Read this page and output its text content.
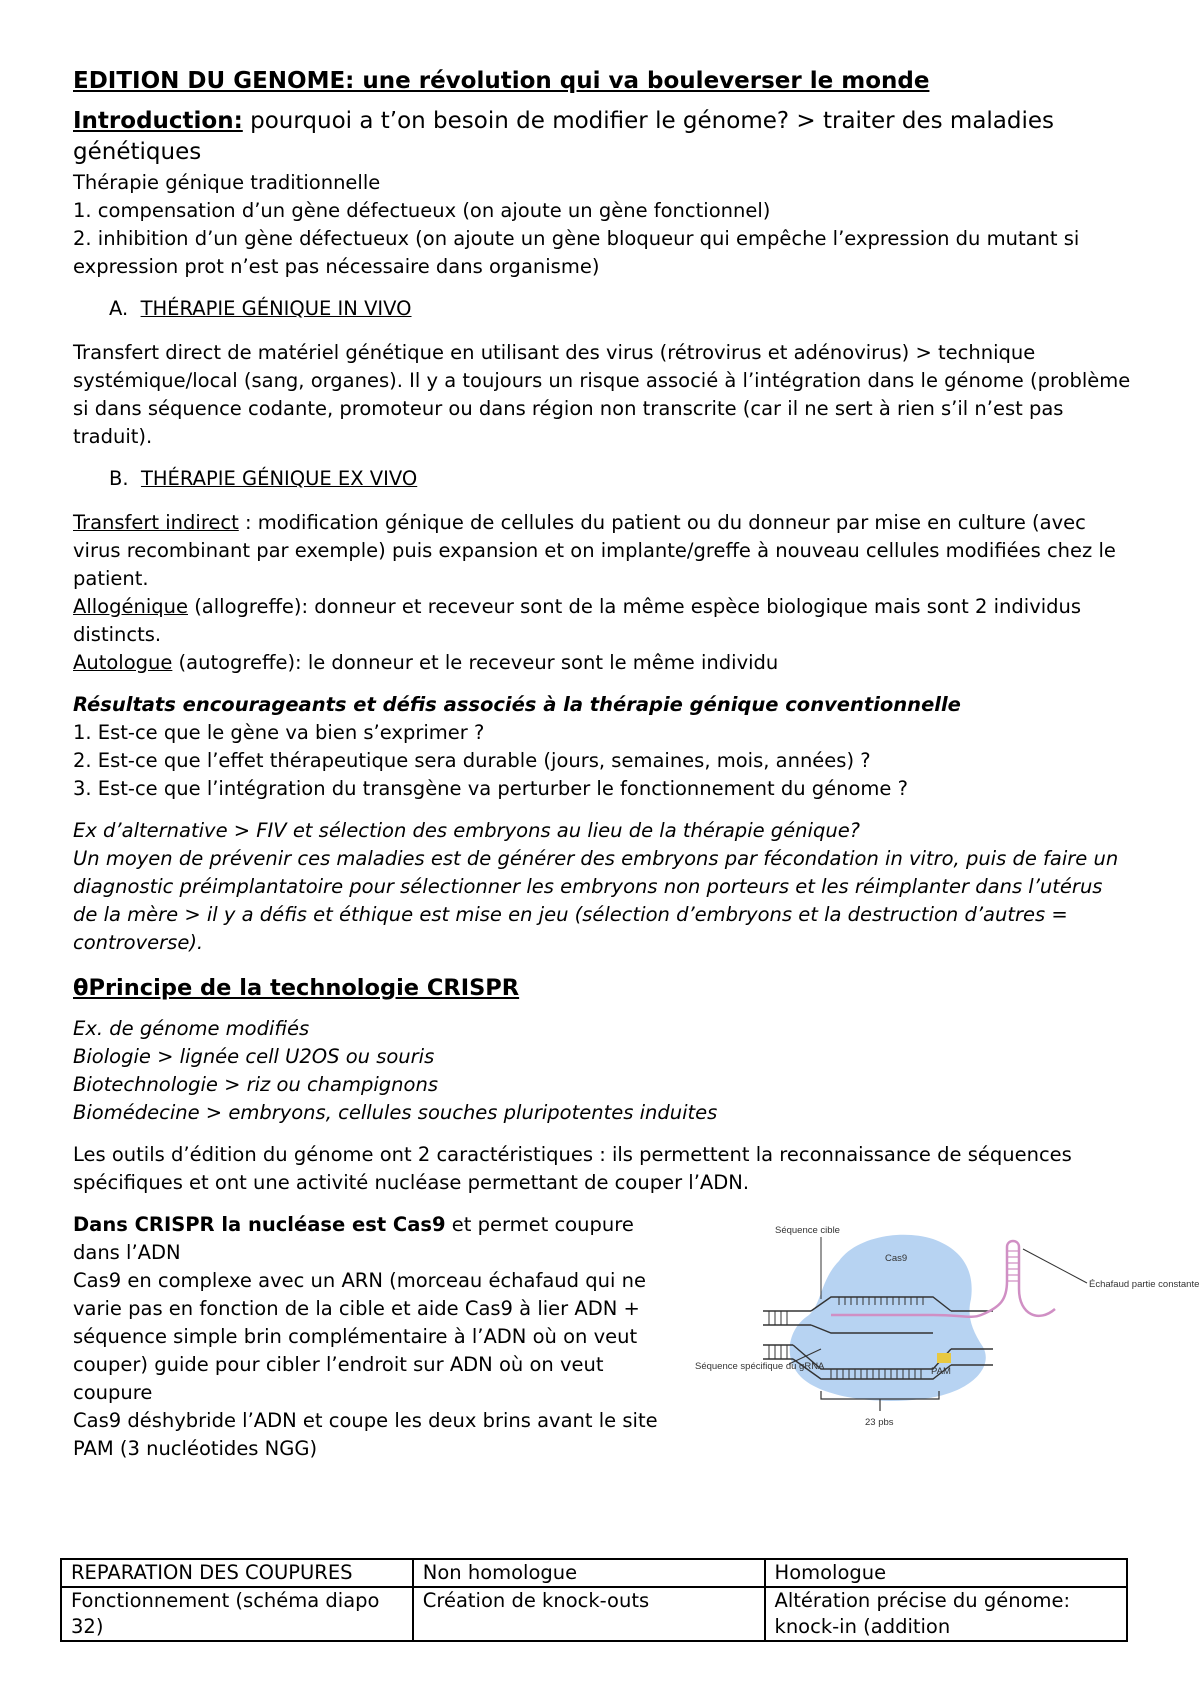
EDITION DU GENOME: une révolution qui va bouleverser le monde

Introduction: pourquoi a t’on besoin de modifier le génome? > traiter des maladies génétiques

Thérapie génique traditionnelle

1. compensation d’un gène défectueux (on ajoute un gène fonctionnel)

2. inhibition d’un gène défectueux (on ajoute un gène bloqueur qui empêche l’expression du mutant si expression prot n’est pas nécessaire dans organisme)

A. THÉRAPIE GÉNIQUE IN VIVO

Transfert direct de matériel génétique en utilisant des virus (rétrovirus et adénovirus) > technique systémique/local (sang, organes). Il y a toujours un risque associé à l’intégration dans le génome (problème si dans séquence codante, promoteur ou dans région non transcrite (car il ne sert à rien s’il n’est pas traduit).

B. THÉRAPIE GÉNIQUE EX VIVO

Transfert indirect : modification génique de cellules du patient ou du donneur par mise en culture (avec virus recombinant par exemple) puis expansion et on implante/greffe à nouveau cellules modifiées chez le patient.

Allogénique (allogreffe): donneur et receveur sont de la même espèce biologique mais sont 2 individus distincts.

Autologue (autogreffe): le donneur et le receveur sont le même individu

Résultats encourageants et défis associés à la thérapie génique conventionnelle

1. Est-ce que le gène va bien s’exprimer ?

2. Est-ce que l’effet thérapeutique sera durable (jours, semaines, mois, années) ?

3. Est-ce que l’intégration du transgène va perturber le fonctionnement du génome ?

Ex d’alternative > FIV et sélection des embryons au lieu de la thérapie génique?

Un moyen de prévenir ces maladies est de générer des embryons par fécondation in vitro, puis de faire un diagnostic préimplantatoire pour sélectionner les embryons non porteurs et les réimplanter dans l’utérus de la mère > il y a défis et éthique est mise en jeu (sélection d’embryons et la destruction d’autres = controverse).

θPrincipe de la technologie CRISPR

Ex. de génome modifiés

Biologie > lignée cell U2OS ou souris

Biotechnologie > riz ou champignons

Biomédecine > embryons, cellules souches pluripotentes induites

Les outils d’édition du génome ont 2 caractéristiques : ils permettent la reconnaissance de séquences spécifiques et ont une activité nucléase permettant de couper l’ADN.

Dans CRISPR la nucléase est Cas9 et permet coupure dans l’ADN

Cas9 en complexe avec un ARN (morceau échafaud qui ne varie pas en fonction de la cible et aide Cas9 à lier ADN + séquence simple brin complémentaire à l’ADN où on veut couper) guide pour cibler l’endroit sur ADN où on veut coupure

Cas9 déshybride l’ADN et coupe les deux brins avant le site PAM (3 nucléotides NGG)

Séquence cible
Cas9
Échafaud partie constante
Séquence spécifique du gRNA	PAM
23 pbs
REPARATION DES COUPURES	Non homologue	Homologue
Fonctionnement (schéma diapo 32)	Création de knock-outs	Altération précise du génome: knock-in (addition
